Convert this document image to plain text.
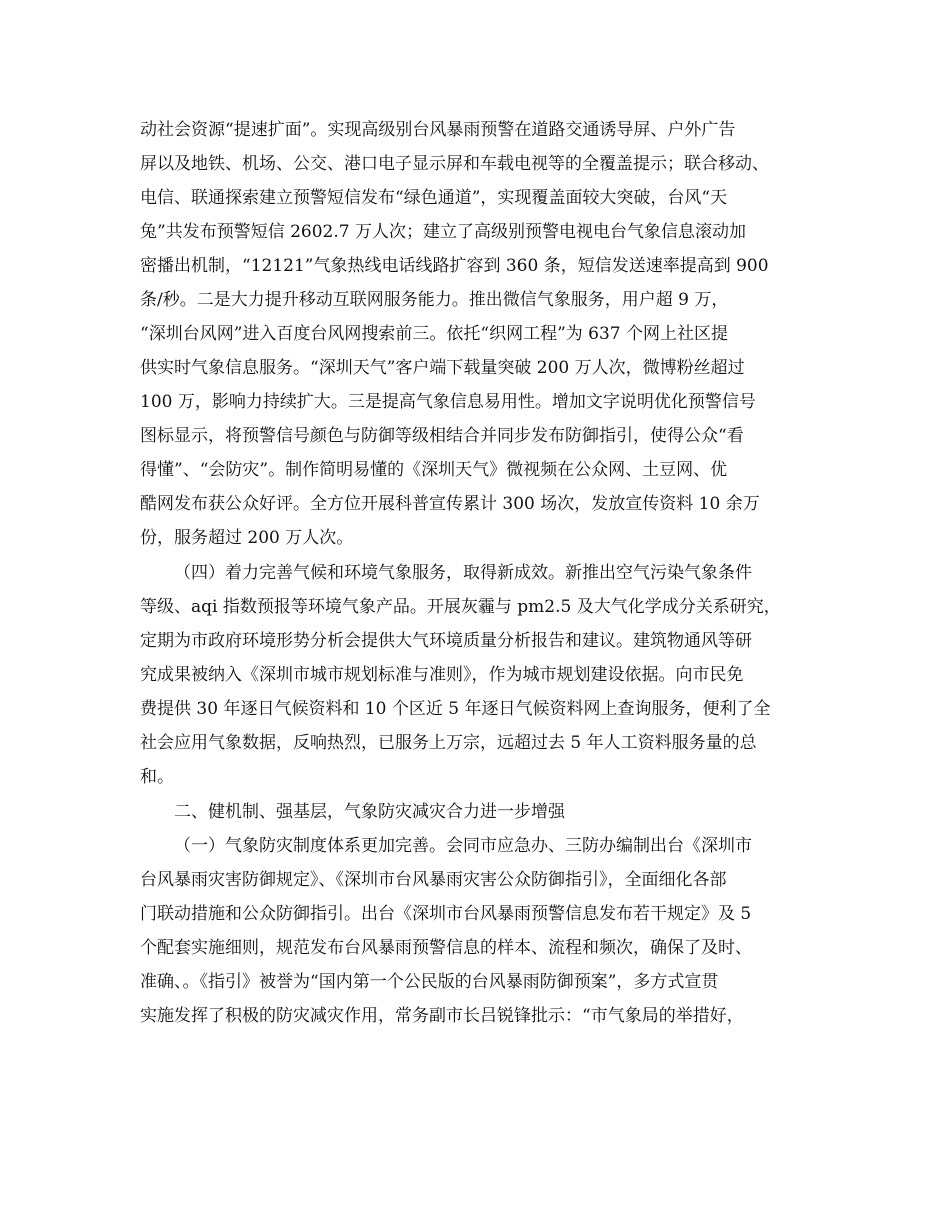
动社会资源“提速扩面”。实现高级别台风暴雨预警在道路交通诱导屏、户外广告
屏以及地铁、机场、公交、港口电子显示屏和车载电视等的全覆盖提示；联合移动、
电信、联通探索建立预警短信发布“绿色通道”，实现覆盖面较大突破，台风“天
兔”共发布预警短信 2602.7 万人次；建立了高级别预警电视电台气象信息滚动加
密播出机制，“12121”气象热线电话线路扩容到 360 条，短信发送速率提高到 900
条/秒。二是大力提升移动互联网服务能力。推出微信气象服务，用户超 9 万，
“深圳台风网”进入百度台风网搜索前三。依托“织网工程”为 637 个网上社区提
供实时气象信息服务。“深圳天气”客户端下载量突破 200 万人次，微博粉丝超过
100 万，影响力持续扩大。三是提高气象信息易用性。增加文字说明优化预警信号
图标显示，将预警信号颜色与防御等级相结合并同步发布防御指引，使得公众“看
得懂”、“会防灾”。制作简明易懂的《深圳天气》微视频在公众网、土豆网、优
酷网发布获公众好评。全方位开展科普宣传累计 300 场次，发放宣传资料 10 余万
份，服务超过 200 万人次。
（四）着力完善气候和环境气象服务，取得新成效。新推出空气污染气象条件
等级、aqi 指数预报等环境气象产品。开展灰霾与 pm2.5 及大气化学成分关系研究，
定期为市政府环境形势分析会提供大气环境质量分析报告和建议。建筑物通风等研
究成果被纳入《深圳市城市规划标准与准则》，作为城市规划建设依据。向市民免
费提供 30 年逐日气候资料和 10 个区近 5 年逐日气候资料网上查询服务，便利了全
社会应用气象数据，反响热烈，已服务上万宗，远超过去 5 年人工资料服务量的总
和。
二、健机制、强基层，气象防灾减灾合力进一步增强
（一）气象防灾制度体系更加完善。会同市应急办、三防办编制出台《深圳市
台风暴雨灾害防御规定》、《深圳市台风暴雨灾害公众防御指引》，全面细化各部
门联动措施和公众防御指引。出台《深圳市台风暴雨预警信息发布若干规定》及 5
个配套实施细则，规范发布台风暴雨预警信息的样本、流程和频次，确保了及时、
准确、。《指引》被誉为“国内第一个公民版的台风暴雨防御预案”，多方式宣贯
实施发挥了积极的防灾减灾作用，常务副市长吕锐锋批示：“市气象局的举措好，
